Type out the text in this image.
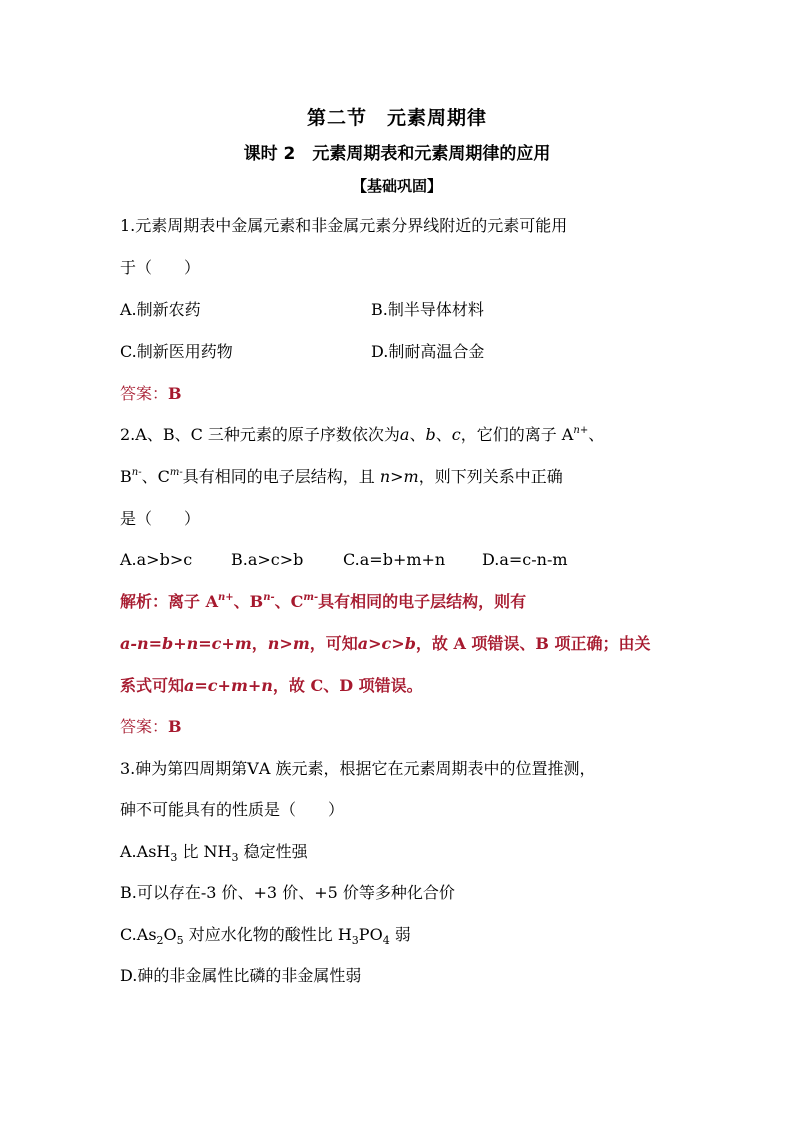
第二节　元素周期律
课时 2　元素周期表和元素周期律的应用
【基础巩固】
1.元素周期表中金属元素和非金属元素分界线附近的元素可能用
于（　　）
A.制新农药	B.制半导体材料
C.制新医用药物	D.制耐高温合金
答案：B
2.A、B、C 三种元素的原子序数依次为a、b、c，它们的离子 $A^{n+}$、
$B^{n-}$、$C^{m-}$具有相同的电子层结构，且 n>m，则下列关系中正确
是（　　）
A.a>b>c B.a>c>b C.a=b+m+n D.a=c-n-m
解析：离子 $A^{n+}$、$B^{n-}$、$C^{m-}$具有相同的电子层结构，则有
a-n=b+n=c+m，n>m，可知a>c>b，故 A 项错误、B 项正确；由关
系式可知a=c+m+n，故 C、D 项错误。
答案：B
3.砷为第四周期第ⅤA 族元素，根据它在元素周期表中的位置推测，
砷不可能具有的性质是（　　）
A.AsH$_3$ 比 $NH_3$ 稳定性强
B.可以存在-3 价、+3 价、+5 价等多种化合价
$C.As_2O_5$ 对应水化物的酸性比 $H_3PO_4$ 弱
D.砷的非金属性比磷的非金属性弱
